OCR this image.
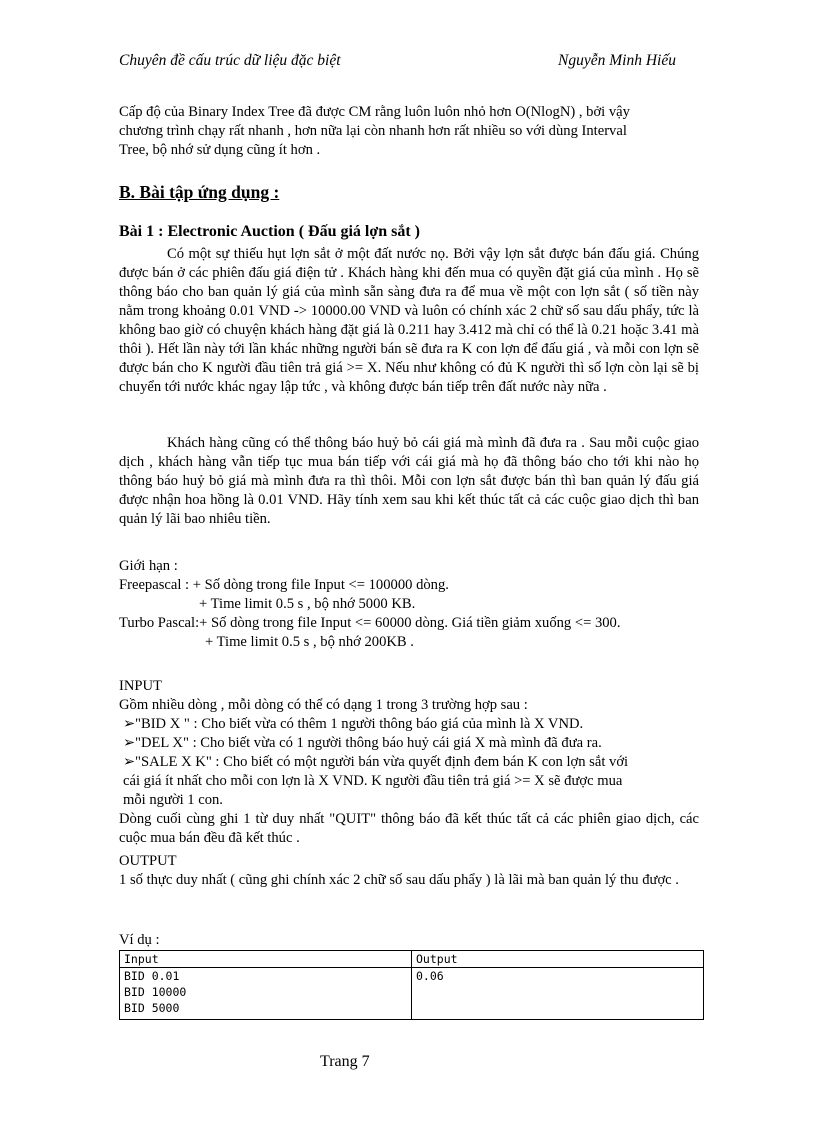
Chuyên đề cấu trúc dữ liệu đặc biệt	Nguyễn Minh Hiếu

Cấp độ của Binary Index Tree đã được CM rằng luôn luôn nhỏ hơn O(NlogN) , bởi vậy

chương trình chạy rất nhanh , hơn nữa lại còn nhanh hơn rất nhiều so với dùng Interval

Tree, bộ nhớ sử dụng cũng ít hơn .

B. Bài tập ứng dụng :
Bài 1 : Electronic Auction ( Đấu giá lợn sắt )

Có một sự thiếu hụt lợn sắt ở một đất nước nọ. Bởi vậy lợn sắt được bán đấu giá. Chúng được bán ở các phiên đấu giá điện tử . Khách hàng khi đến mua có quyền đặt giá của mình . Họ sẽ thông báo cho ban quản lý giá của mình sẵn sàng đưa ra để mua về một con lợn sắt ( số tiền này nằm trong khoảng 0.01 VND -> 10000.00 VND và luôn có chính xác 2 chữ số sau dấu phẩy, tức là không bao giờ có chuyện khách hàng đặt giá là 0.211 hay 3.412 mà chỉ có thể là 0.21 hoặc 3.41 mà thôi ). Hết lần này tới lần khác những người bán sẽ đưa ra K con lợn để đấu giá , và mỗi con lợn sẽ được bán cho K người đầu tiên trả giá >= X. Nếu như không có đủ K người thì số lợn còn lại sẽ bị chuyển tới nước khác ngay lập tức , và không được bán tiếp trên đất nước này nữa .

Khách hàng cũng có thể thông báo huỷ bỏ cái giá mà mình đã đưa ra . Sau mỗi cuộc giao dịch , khách hàng vẫn tiếp tục mua bán tiếp với cái giá mà họ đã thông báo cho tới khi nào họ thông báo huỷ bỏ giá mà mình đưa ra thì thôi. Mỗi con lợn sắt được bán thì ban quản lý đấu giá được nhận hoa hồng là 0.01 VND. Hãy tính xem sau khi kết thúc tất cả các cuộc giao dịch thì ban quản lý lãi bao nhiêu tiền.

Giới hạn :

Freepascal : + Số dòng trong file Input <= 100000 dòng.

+ Time limit 0.5 s , bộ nhớ 5000 KB.

Turbo Pascal:+ Số dòng trong file Input <= 60000 dòng. Giá tiền giảm xuống <= 300.

+ Time limit 0.5 s , bộ nhớ 200KB .

INPUT

Gồm nhiều dòng , mỗi dòng có thể có dạng 1 trong 3 trường hợp sau :

➢"BID X " : Cho biết vừa có thêm 1 người thông báo giá của mình là X VND.

➢"DEL X" : Cho biết vừa có 1 người thông báo huỷ cái giá X mà mình đã đưa ra.

➢"SALE X K" : Cho biết có một người bán vừa quyết định đem bán K con lợn sắt với

cái giá ít nhất cho mỗi con lợn là X VND. K người đầu tiên trả giá >= X sẽ được mua

mỗi người 1 con.

Dòng cuối cùng ghi 1 từ duy nhất "QUIT" thông báo đã kết thúc tất cả các phiên giao dịch, các cuộc mua bán đều đã kết thúc .

OUTPUT

1 số thực duy nhất ( cũng ghi chính xác 2 chữ số sau dấu phẩy ) là lãi mà ban quản lý thu được .

Ví dụ :
Input	Output

BID 0.01
BID 10000
BID 5000	0.06
Trang 7
